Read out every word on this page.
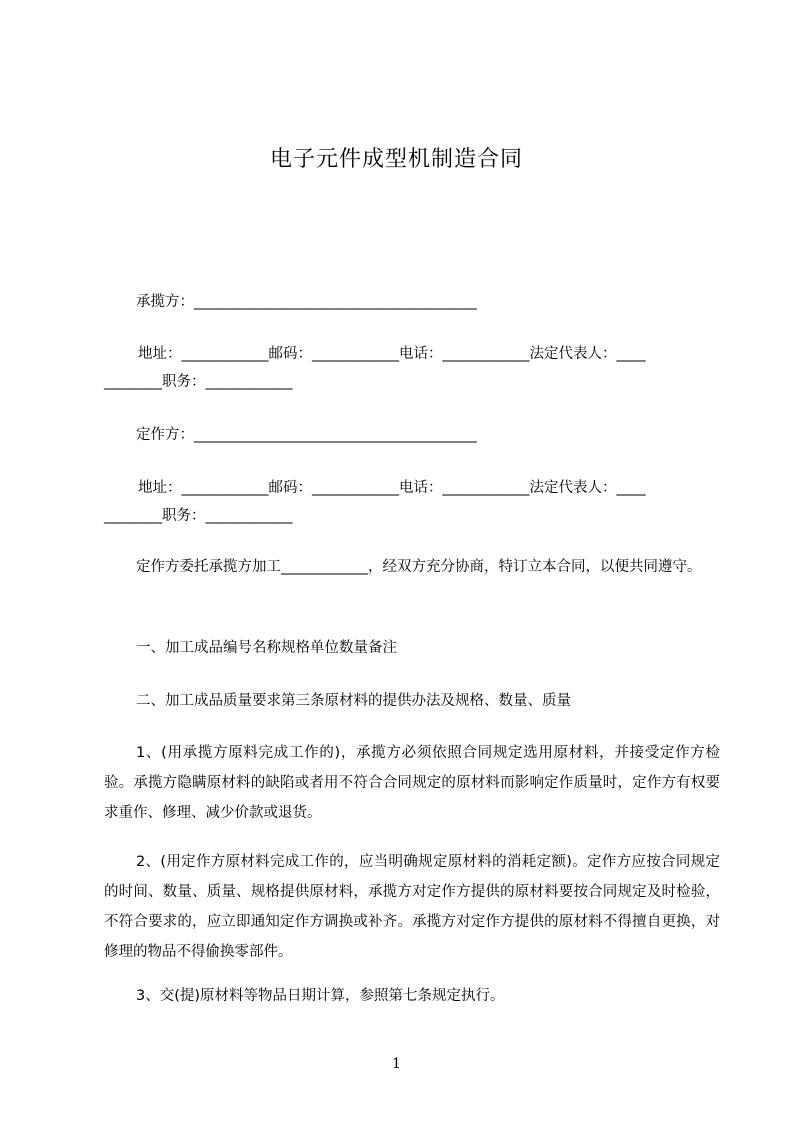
电子元件成型机制造合同
承揽方：_______________________________________
地址：____________邮码：____________电话：____________法定代表人：____
________职务：____________
定作方：_______________________________________
地址：____________邮码：____________电话：____________法定代表人：____
________职务：____________
定作方委托承揽方加工____________，经双方充分协商，特订立本合同，以便共同遵守。
一、加工成品编号名称规格单位数量备注
二、加工成品质量要求第三条原材料的提供办法及规格、数量、质量
1、(用承揽方原料完成工作的)，承揽方必须依照合同规定选用原材料，并接受定作方检验。承揽方隐瞒原材料的缺陷或者用不符合合同规定的原材料而影响定作质量时，定作方有权要求重作、修理、减少价款或退货。
2、(用定作方原材料完成工作的，应当明确规定原材料的消耗定额)。定作方应按合同规定的时间、数量、质量、规格提供原材料，承揽方对定作方提供的原材料要按合同规定及时检验，不符合要求的，应立即通知定作方调换或补齐。承揽方对定作方提供的原材料不得擅自更换，对修理的物品不得偷换零部件。
3、交(提)原材料等物品日期计算，参照第七条规定执行。
1
